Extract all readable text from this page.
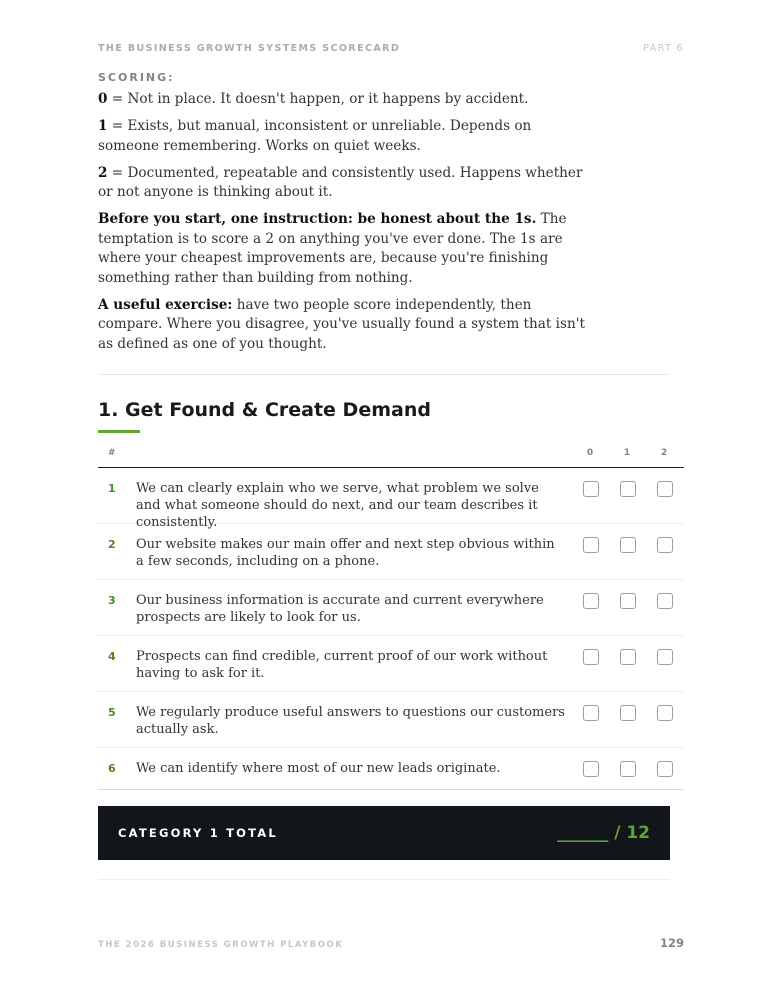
THE BUSINESS GROWTH SYSTEMS SCORECARD	PART 6
SCORING:

0 = Not in place. It doesn't happen, or it happens by accident.

1 = Exists, but manual, inconsistent or unreliable. Depends on someone remembering. Works on quiet weeks.

2 = Documented, repeatable and consistently used. Happens whether or not anyone is thinking about it.

Before you start, one instruction: be honest about the 1s. The temptation is to score a 2 on anything you've ever done. The 1s are where your cheapest improvements are, because you're finishing something rather than building from nothing.

A useful exercise: have two people score independently, then compare. Where you disagree, you've usually found a system that isn't as defined as one of you thought.

1. Get Found & Create Demand
#	0	1	2
1 We can clearly explain who we serve, what problem we solve and what someone should do next, and our team describes it consistently.
2 Our website makes our main offer and next step obvious within a few seconds, including on a phone.
3 Our business information is accurate and current everywhere prospects are likely to look for us.
4 Prospects can find credible, current proof of our work without having to ask for it.
5 We regularly produce useful answers to questions our customers actually ask.
6 We can identify where most of our new leads originate.
CATEGORY 1 TOTAL	______ / 12
THE 2026 BUSINESS GROWTH PLAYBOOK	129
